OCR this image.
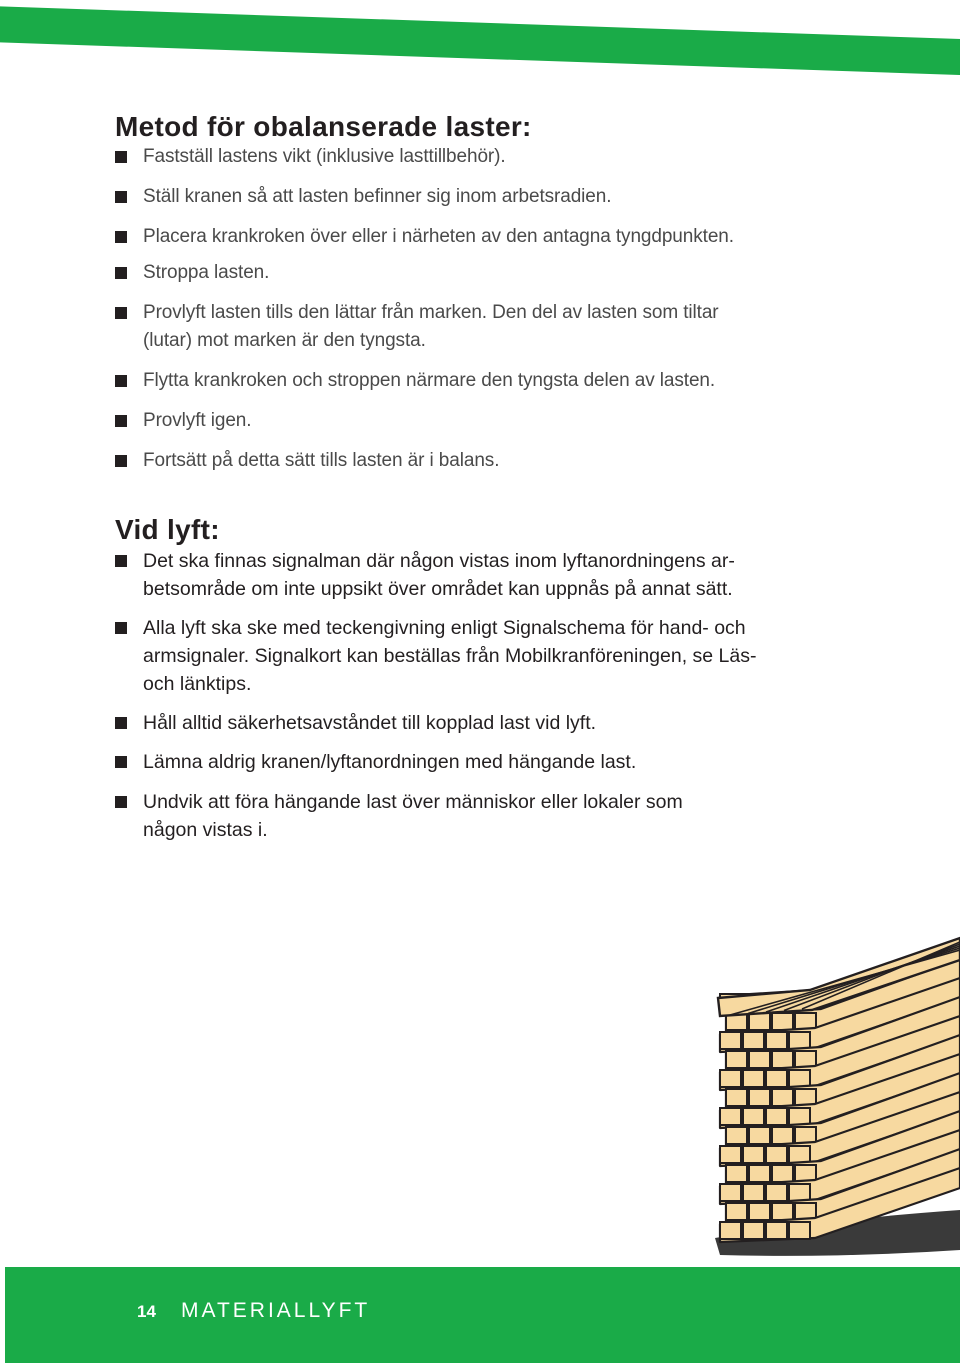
Metod för obalanserade laster:
Fastställ lastens vikt (inklusive lasttillbehör).
Ställ kranen så att lasten befinner sig inom arbetsradien.
Placera krankroken över eller i närheten av den antagna tyngdpunkten.
Stroppa lasten.
Provlyft lasten tills den lättar från marken. Den del av lasten som tiltar
(lutar) mot marken är den tyngsta.
Flytta krankroken och stroppen närmare den tyngsta delen av lasten.
Provlyft igen.
Fortsätt på detta sätt tills lasten är i balans.
Vid lyft:
Det ska finnas signalman där någon vistas inom lyftanordningens ar-
betsområde om inte uppsikt över området kan uppnås på annat sätt.
Alla lyft ska ske med teckengivning enligt Signalschema för hand- och
armsignaler. Signalkort kan beställas från Mobilkranföreningen, se Läs-
och länktips.
Håll alltid säkerhetsavståndet till kopplad last vid lyft.
Lämna aldrig kranen/lyftanordningen med hängande last.
Undvik att föra hängande last över människor eller lokaler som
någon vistas i.
14 MATERIALLYFT
